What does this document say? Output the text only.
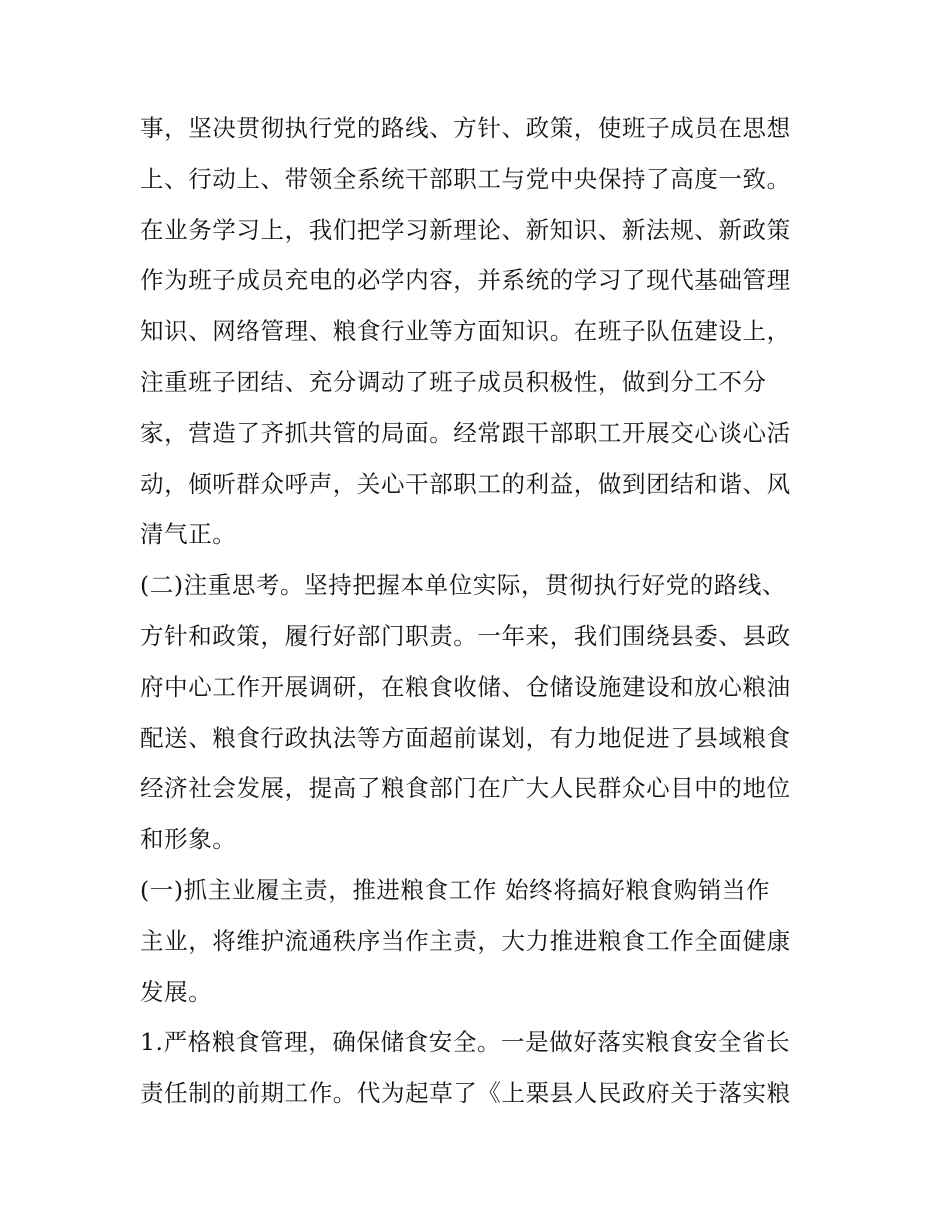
事，坚决贯彻执行党的路线、方针、政策，使班子成员在思想
上、行动上、带领全系统干部职工与党中央保持了高度一致。
在业务学习上，我们把学习新理论、新知识、新法规、新政策
作为班子成员充电的必学内容，并系统的学习了现代基础管理
知识、网络管理、粮食行业等方面知识。在班子队伍建设上，
注重班子团结、充分调动了班子成员积极性，做到分工不分
家，营造了齐抓共管的局面。经常跟干部职工开展交心谈心活
动，倾听群众呼声，关心干部职工的利益，做到团结和谐、风
清气正。
(二)注重思考。坚持把握本单位实际，贯彻执行好党的路线、
方针和政策，履行好部门职责。一年来，我们围绕县委、县政
府中心工作开展调研，在粮食收储、仓储设施建设和放心粮油
配送、粮食行政执法等方面超前谋划，有力地促进了县域粮食
经济社会发展，提高了粮食部门在广大人民群众心目中的地位
和形象。
(一)抓主业履主责，推进粮食工作 始终将搞好粮食购销当作
主业，将维护流通秩序当作主责，大力推进粮食工作全面健康
发展。
1.严格粮食管理，确保储食安全。一是做好落实粮食安全省长
责任制的前期工作。代为起草了《上栗县人民政府关于落实粮
